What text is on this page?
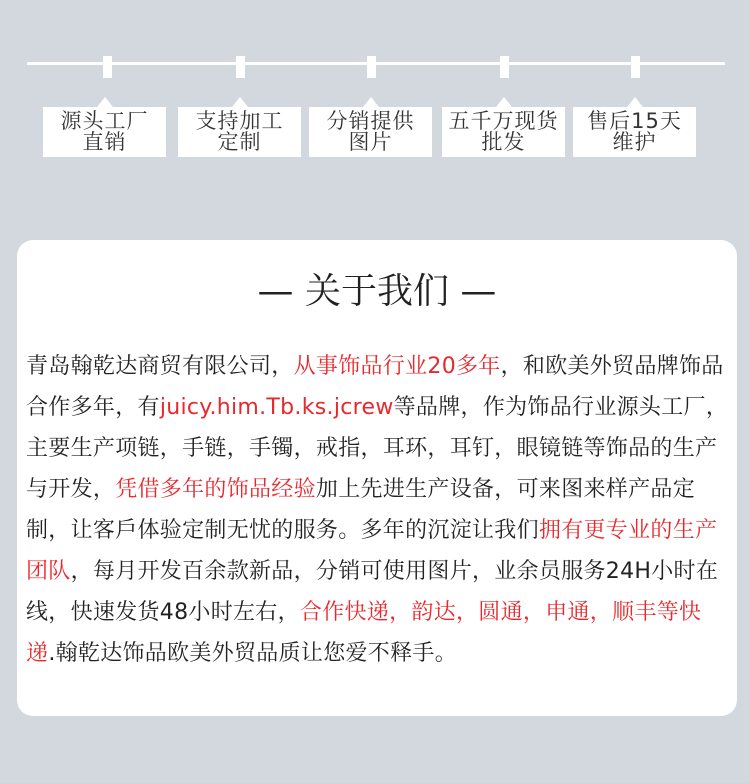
源头工厂
直销
支持加工
定制
分销提供
图片
五千万现货
批发
售后15天
维护
— 关于我们 —
青岛翰乾达商贸有限公司，从事饰品行业20多年，和欧美外贸品牌饰品合作多年，有juicy.him.Tb.ks.jcrew等品牌，作为饰品行业源头工厂，主要生产项链，手链，手镯，戒指，耳环，耳钉，眼镜链等饰品的生产与开发，凭借多年的饰品经验加上先进生产设备，可来图来样产品定制，让客戶体验定制无忧的服务。多年的沉淀让我们拥有更专业的生产团队，每月开发百余款新品，分销可使用图片，业余员服务24H小时在线，快速发货48小时左右，合作快递，韵达，圆通，申通，顺丰等快递.翰乾达饰品欧美外贸品质让您爱不释手。
